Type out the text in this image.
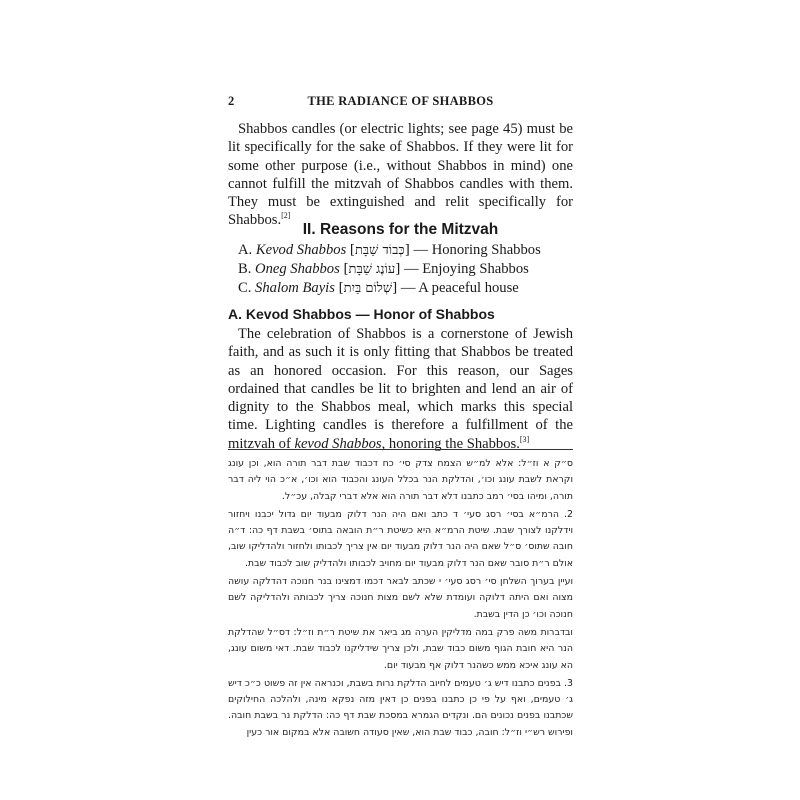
2	THE RADIANCE OF SHABBOS

Shabbos candles (or electric lights; see page 45) must be lit specifically for the sake of Shabbos. If they were lit for some other purpose (i.e., without Shabbos in mind) one cannot fulfill the mitzvah of Shabbos candles with them. They must be extinguished and relit specifically for Shabbos.[2]

II. Reasons for the Mitzvah
A. Kevod Shabbos [כְּבוֹד שַׁבָּת] — Honoring Shabbos
B. Oneg Shabbos [עוֹנֶג שַׁבָּת] — Enjoying Shabbos
C. Shalom Bayis [שְׁלוֹם בַּיִת] — A peaceful house
A. Kevod Shabbos — Honor of Shabbos

The celebration of Shabbos is a cornerstone of Jewish faith, and as such it is only fitting that Shabbos be treated as an honored occasion. For this reason, our Sages ordained that candles be lit to brighten and lend an air of dignity to the Shabbos meal, which marks this special time. Lighting candles is therefore a fulfillment of the mitzvah of kevod Shabbos, honoring the Shabbos.[3]

ס״ק א וז״ל: אלא למ״ש הצמח צדק סי׳ כח דכבוד שבת דבר תורה הוא, וכן עונג וקראת לשבת עונג וכו׳, והדלקת הנר בכלל העונג והכבוד הוא וכו׳, א״כ הוי ליה דבר תורה, ומיהו בסי׳ רמב כתבנו דלא דבר תורה הוא אלא דברי קבלה, עכ״ל.

2. הרמ״א בסי׳ רסג סעי׳ ד כתב ואם היה הנר דלוק מבעוד יום גדול יכבנו ויחזור וידלקנו לצורך שבת. שיטת הרמ״א היא כשיטת ר״ת הובאה בתוס׳ בשבת דף כה: ד״ה חובה שתוס׳ ס״ל שאם היה הנר דלוק מבעוד יום אין צריך לכבותו ולחזור ולהדליקו שוב, אולם ר״ת סובר שאם הנר דלוק מבעוד יום מחויב לכבותו ולהדליק שוב לכבוד שבת.

ועיין בערוך השלחן סי׳ רסג סעי׳ י שכתב לבאר דכמו דמצינו בנר חנוכה דהדלקה עושה מצוה ואם היתה דלוקה ועומדת שלא לשם מצות חנוכה צריך לכבותה ולהדליקה לשם חנוכה וכו׳ כן הדין בשבת.

ובדברות משה פרק במה מדליקין הערה מג ביאר את שיטת ר״ת וז״ל: דס״ל שהדלקת הנר היא חובת הגוף משום כבוד שבת, ולכן צריך שידליקנו לכבוד שבת. דאי משום עונג, הא עונג איכא ממש כשהנר דלוק אף מבעוד יום.

3. בפנים כתבנו דיש ג׳ טעמים לחיוב הדלקת נרות בשבת, וכנראה אין זה פשוט כ״כ דיש ג׳ טעמים, ואף על פי כן כתבנו בפנים כן דאין מזה נפקא מינה, ולהלכה החילוקים שכתבנו בפנים נכונים הם. ונקדים הגמרא במסכת שבת דף כה: הדלקת נר בשבת חובה. ופירוש רש״י וז״ל: חובה, כבוד שבת הוא, שאין סעודה חשובה אלא במקום אור כעין
